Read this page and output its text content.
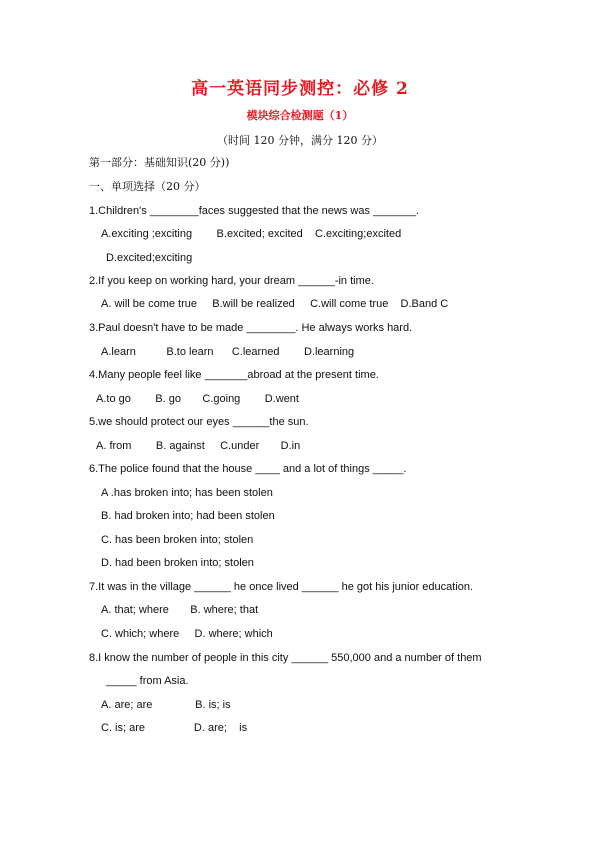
高一英语同步测控：必修 2
模块综合检测题（1）
（时间 120 分钟，满分 120 分）
第一部分：基础知识(20 分))
一、单项选择（20 分）
1.Children's ________faces suggested that the news was _______.
A.exciting ;exciting        B.excited; excited    C.exciting;excited
D.excited;exciting
2.If you keep on working hard, your dream ______-in time.
A. will be come true     B.will be realized     C.will come true    D.Band C
3.Paul doesn't have to be made ________. He always works hard.
A.learn          B.to learn      C.learned        D.learning
4.Many people feel like _______abroad at the present time.
A.to go        B. go       C.going        D.went
5.we should protect our eyes ______the sun.
A. from        B. against     C.under       D.in
6.The police found that the house ____ and a lot of things _____.
A .has broken into; has been stolen
B. had broken into; had been stolen
C. has been broken into; stolen
D. had been broken into; stolen
7.It was in the village ______ he once lived ______ he got his junior education.
A. that; where       B. where; that
C. which; where     D. where; which
8.I know the number of people in this city ______ 550,000 and a number of them
_____ from Asia.
A. are; are              B. is; is
C. is; are                D. are;    is
